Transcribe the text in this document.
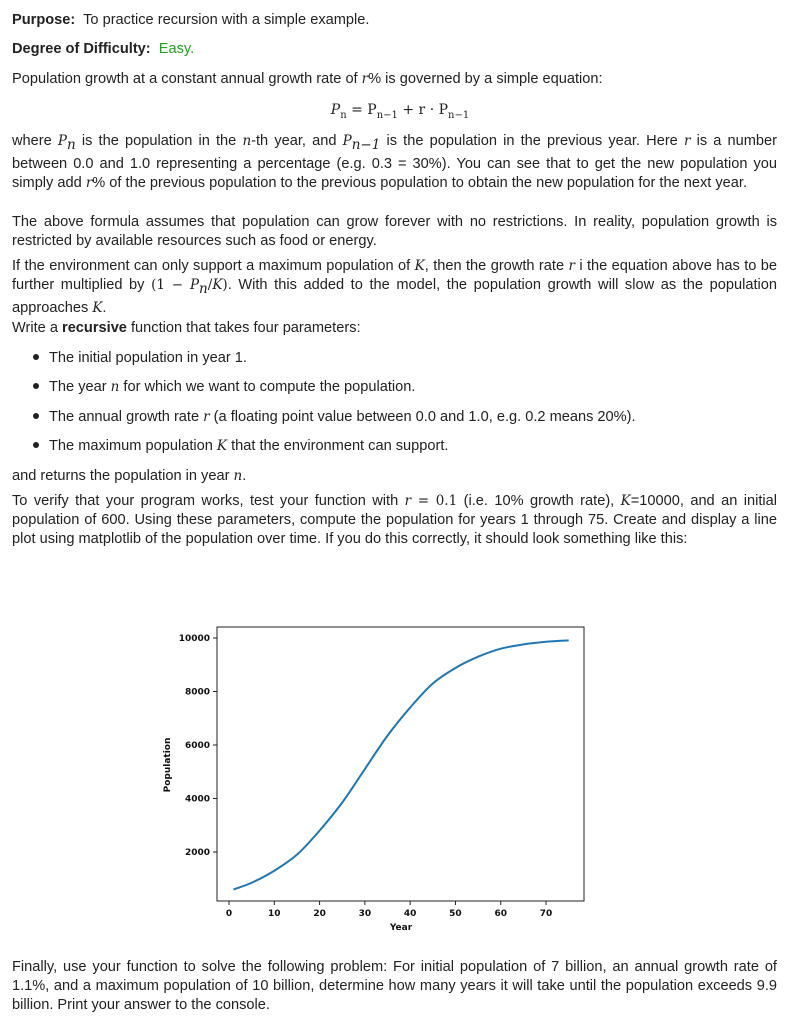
Purpose: To practice recursion with a simple example.

Degree of Difficulty: Easy.

Population growth at a constant annual growth rate of r% is governed by a simple equation:

$P_n = P_{n-1} + r \cdot P_{n-1}$

where $P_n$ is the population in the n-th year, and $P_{n-1}$ is the population in the previous year. Here r is a number between 0.0 and 1.0 representing a percentage (e.g. 0.3 = 30%). You can see that to get the new population you simply add r% of the previous population to the previous population to obtain the new population for the next year.

The above formula assumes that population can grow forever with no restrictions. In reality, population growth is restricted by available resources such as food or energy.

If the environment can only support a maximum population of K, then the growth rate r i the equation above has to be further multiplied by $(1 - P_n/K)$. With this added to the model, the population growth will slow as the population approaches K.

Write a recursive function that takes four parameters:

The initial population in year 1.
The year n for which we want to compute the population.
The annual growth rate r (a floating point value between 0.0 and 1.0, e.g. 0.2 means 20%).
The maximum population K that the environment can support.

and returns the population in year n.

To verify that your program works, test your function with r = 0.1 (i.e. 10% growth rate), K=10000, and an initial population of 600. Using these parameters, compute the population for years 1 through 75. Create and display a line plot using matplotlib of the population over time. If you do this correctly, it should look something like this:

0	10	20	30	40	50	60	70
2000
4000
6000
8000
10000
Year
Population

Finally, use your function to solve the following problem: For initial population of 7 billion, an annual growth rate of 1.1%, and a maximum population of 10 billion, determine how many years it will take until the population exceeds 9.9 billion. Print your answer to the console.
